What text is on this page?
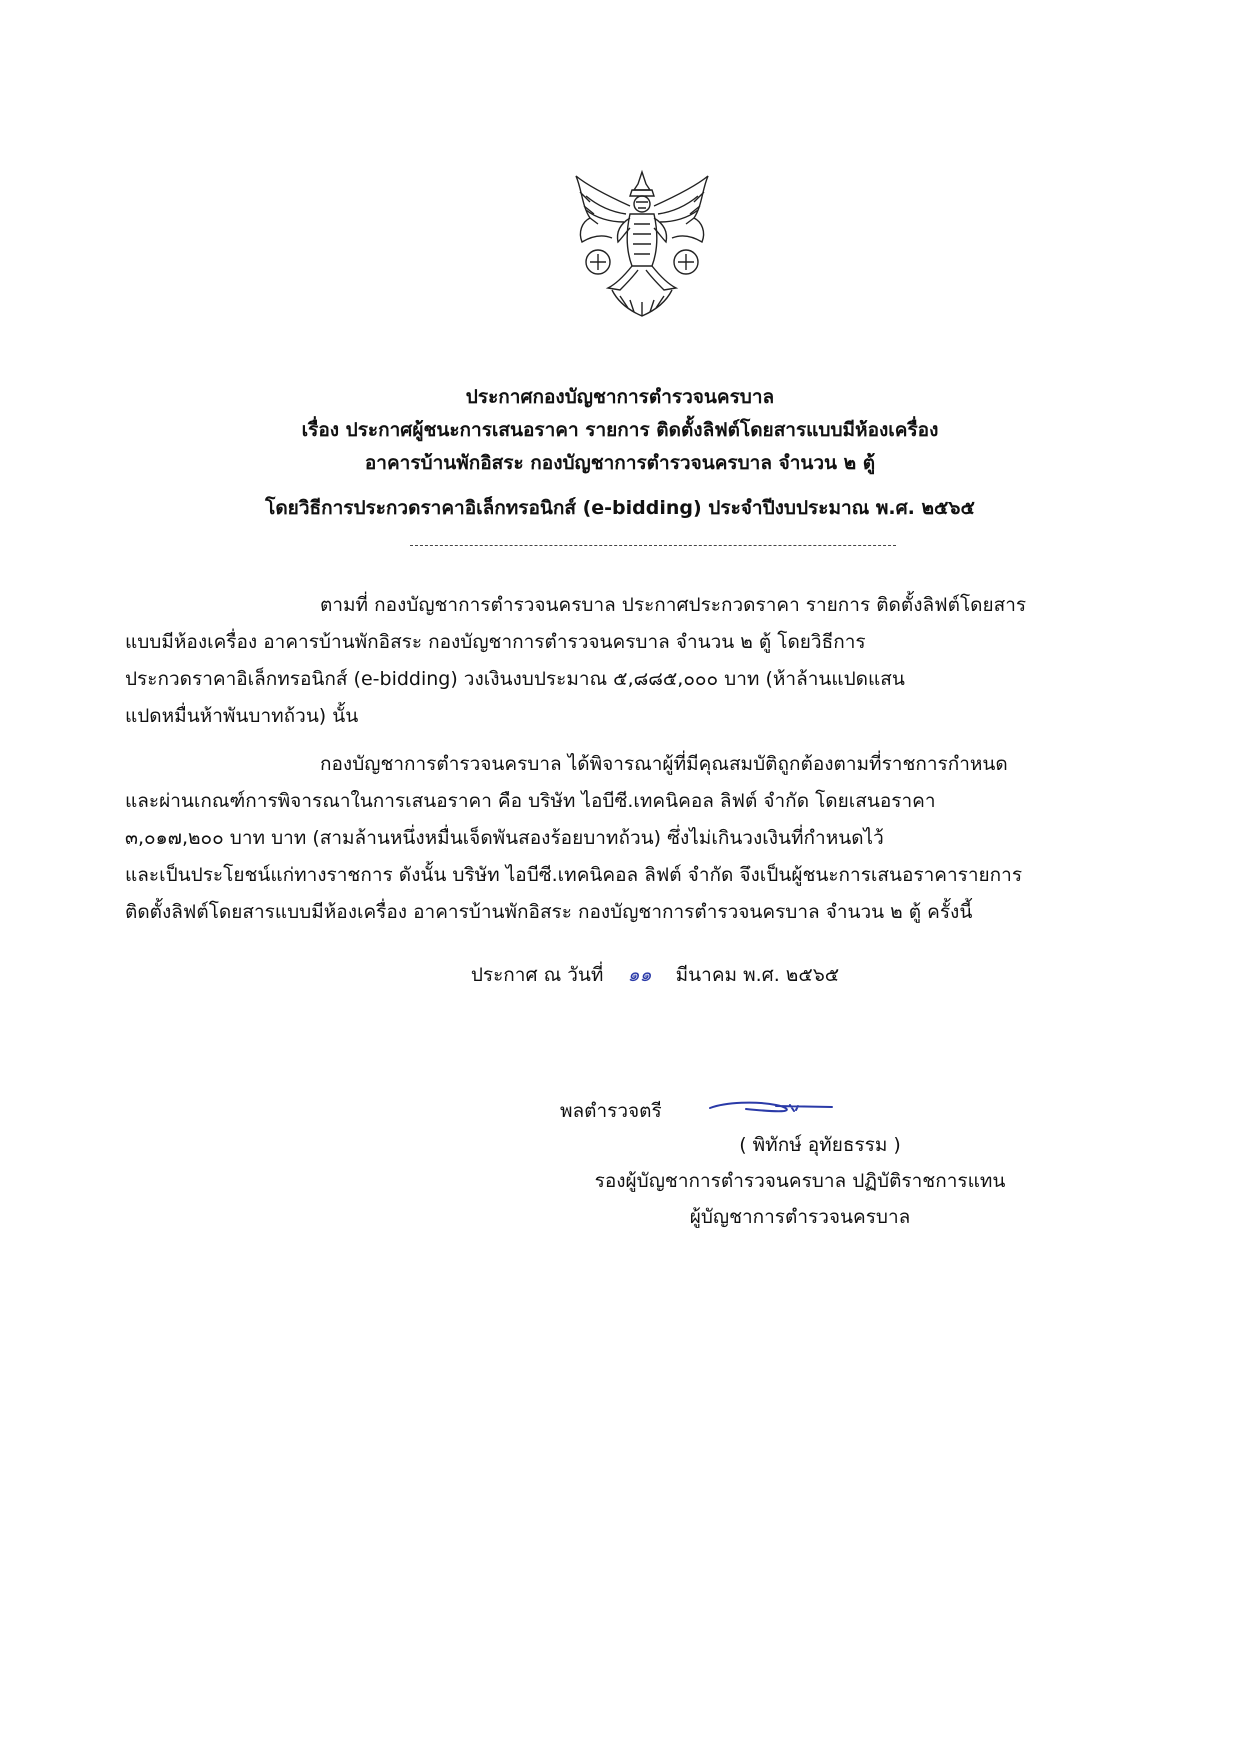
ประกาศกองบัญชาการตำรวจนครบาล
เรื่อง ประกาศผู้ชนะการเสนอราคา รายการ ติดตั้งลิฟต์โดยสารแบบมีห้องเครื่อง
อาคารบ้านพักอิสระ กองบัญชาการตำรวจนครบาล จำนวน ๒ ตู้
โดยวิธีการประกวดราคาอิเล็กทรอนิกส์ (e-bidding) ประจำปีงบประมาณ พ.ศ. ๒๕๖๕
ตามที่ กองบัญชาการตำรวจนครบาล ประกาศประกวดราคา รายการ ติดตั้งลิฟต์โดยสาร
แบบมีห้องเครื่อง อาคารบ้านพักอิสระ กองบัญชาการตำรวจนครบาล จำนวน ๒ ตู้ โดยวิธีการ
ประกวดราคาอิเล็กทรอนิกส์ (e-bidding) วงเงินงบประมาณ ๕,๘๘๕,๐๐๐ บาท (ห้าล้านแปดแสน
แปดหมื่นห้าพันบาทถ้วน) นั้น
กองบัญชาการตำรวจนครบาล ได้พิจารณาผู้ที่มีคุณสมบัติถูกต้องตามที่ราชการกำหนด
และผ่านเกณฑ์การพิจารณาในการเสนอราคา คือ บริษัท ไอบีซี.เทคนิคอล ลิฟต์ จำกัด โดยเสนอราคา
๓,๐๑๗,๒๐๐ บาท บาท (สามล้านหนึ่งหมื่นเจ็ดพันสองร้อยบาทถ้วน) ซึ่งไม่เกินวงเงินที่กำหนดไว้
และเป็นประโยชน์แก่ทางราชการ ดังนั้น บริษัท ไอบีซี.เทคนิคอล ลิฟต์ จำกัด จึงเป็นผู้ชนะการเสนอราคารายการ
ติดตั้งลิฟต์โดยสารแบบมีห้องเครื่อง อาคารบ้านพักอิสระ กองบัญชาการตำรวจนครบาล จำนวน ๒ ตู้ ครั้งนี้
ประกาศ ณ วันที่ ๑๑ มีนาคม พ.ศ. ๒๕๖๕
พลตำรวจตรี
( พิทักษ์ อุทัยธรรม )
รองผู้บัญชาการตำรวจนครบาล ปฏิบัติราชการแทน
ผู้บัญชาการตำรวจนครบาล
